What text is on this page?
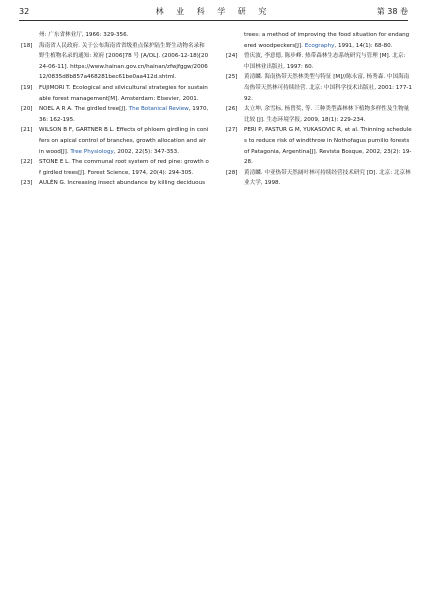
32	林 业 科 学 研 究	第 38 卷
州: 广东省林业厅, 1966: 329-356.
[18] 海南省人民政府. 关于公布海南省省级重点保护陆生野生动物名录和野生植物名录的通知: 琼府 [2006]78 号 [A/OL]. (2006-12-18)[2024-06-11]. https://www.hainan.gov.cn/hainan/zfwjfggw/200612/0835d8b857a468281bec61be0aa412d.shtml.
[19] FUJIMORI T. Ecological and silvicultural strategies for sustainable forest management[M]. Amsterdam: Elsevier, 2001.
[20] NOEL A R A. The girdled tree[J]. The Botanical Review, 1970, 36: 162-195.
[21] WILSON B F, GARTNER B L. Effects of phloem girdling in conifers on apical control of branches, growth allocation and air in wood[J]. Tree Physiology, 2002, 22(5): 347-353.
[22] STONE E L. The communal root system of red pine: growth of girdled trees[J]. Forest Science, 1974, 20(4): 294-305.
[23] AULÉN G. Increasing insect abundance by killing deciduous
trees: a method of improving the food situation for endangered woodpeckers[J]. Ecography, 1991, 14(1): 68-80.
[24] 曾庆波, 李意德, 陈步峰. 热带森林生态系统研究与管理 [M]. 北京: 中国林业出版社, 1997: 60.
[25] 黄清麟. 海南热带天然林类型与特征 [M]//陈永富, 杨秀森. 中国海南岛热带天然林可持续经营. 北京: 中国科学技术出版社, 2001: 177-192.
[26] 太立坤, 余雪标, 杨曾奖, 等. 三种类型森林林下植物多样性及生物量比较 [J]. 生态环境学报, 2009, 18(1): 229-234.
[27] PERI P, PASTUR G M, YUKASOVIC R, et al. Thinning schedules to reduce risk of windthrow in Nothofagus pumilio forests of Patagonia, Argentina[J]. Revista Bosque, 2002, 23(2): 19-28.
[28] 黄清麟. 中亚热带天然阔叶林可持续经营技术研究 [D]. 北京: 北京林业大学, 1998.
